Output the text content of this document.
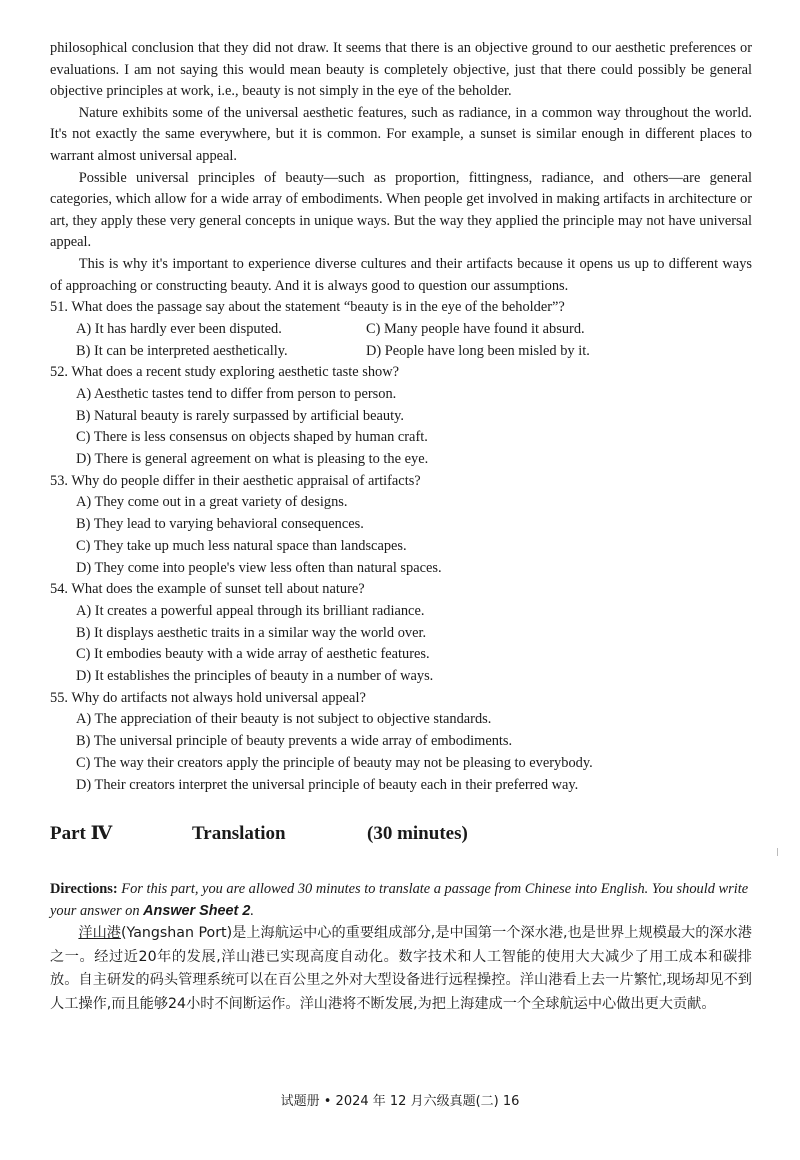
philosophical conclusion that they did not draw. It seems that there is an objective ground to our aesthetic preferences or evaluations. I am not saying this would mean beauty is completely objective, just that there could possibly be general objective principles at work, i.e., beauty is not simply in the eye of the beholder.

Nature exhibits some of the universal aesthetic features, such as radiance, in a common way throughout the world. It's not exactly the same everywhere, but it is common. For example, a sunset is similar enough in different places to warrant almost universal appeal.

Possible universal principles of beauty—such as proportion, fittingness, radiance, and others—are general categories, which allow for a wide array of embodiments. When people get involved in making artifacts in architecture or art, they apply these very general concepts in unique ways. But the way they applied the principle may not have universal appeal.

This is why it's important to experience diverse cultures and their artifacts because it opens us up to different ways of approaching or constructing beauty. And it is always good to question our assumptions.

51. What does the passage say about the statement “beauty is in the eye of the beholder”?
A) It has hardly ever been disputed.	C) Many people have found it absurd.
B) It can be interpreted aesthetically.	D) People have long been misled by it.
52. What does a recent study exploring aesthetic taste show?
A) Aesthetic tastes tend to differ from person to person.
B) Natural beauty is rarely surpassed by artificial beauty.
C) There is less consensus on objects shaped by human craft.
D) There is general agreement on what is pleasing to the eye.
53. Why do people differ in their aesthetic appraisal of artifacts?
A) They come out in a great variety of designs.
B) They lead to varying behavioral consequences.
C) They take up much less natural space than landscapes.
D) They come into people's view less often than natural spaces.
54. What does the example of sunset tell about nature?
A) It creates a powerful appeal through its brilliant radiance.
B) It displays aesthetic traits in a similar way the world over.
C) It embodies beauty with a wide array of aesthetic features.
D) It establishes the principles of beauty in a number of ways.
55. Why do artifacts not always hold universal appeal?
A) The appreciation of their beauty is not subject to objective standards.
B) The universal principle of beauty prevents a wide array of embodiments.
C) The way their creators apply the principle of beauty may not be pleasing to everybody.
D) Their creators interpret the universal principle of beauty each in their preferred way.
Part Ⅳ	Translation	(30 minutes)
Directions: For this part, you are allowed 30 minutes to translate a passage from Chinese into English. You should write your answer on Answer Sheet 2.
洋山港(Yangshan Port)是上海航运中心的重要组成部分,是中国第一个深水港,也是世界上规模最大的深水港之一。经过近20年的发展,洋山港已实现高度自动化。数字技术和人工智能的使用大大减少了用工成本和碳排放。自主研发的码头管理系统可以在百公里之外对大型设备进行远程操控。洋山港看上去一片繁忙,现场却见不到人工操作,而且能够24小时不间断运作。洋山港将不断发展,为把上海建成一个全球航运中心做出更大贡献。
试题册 • 2024 年 12 月六级真题(二) 16
